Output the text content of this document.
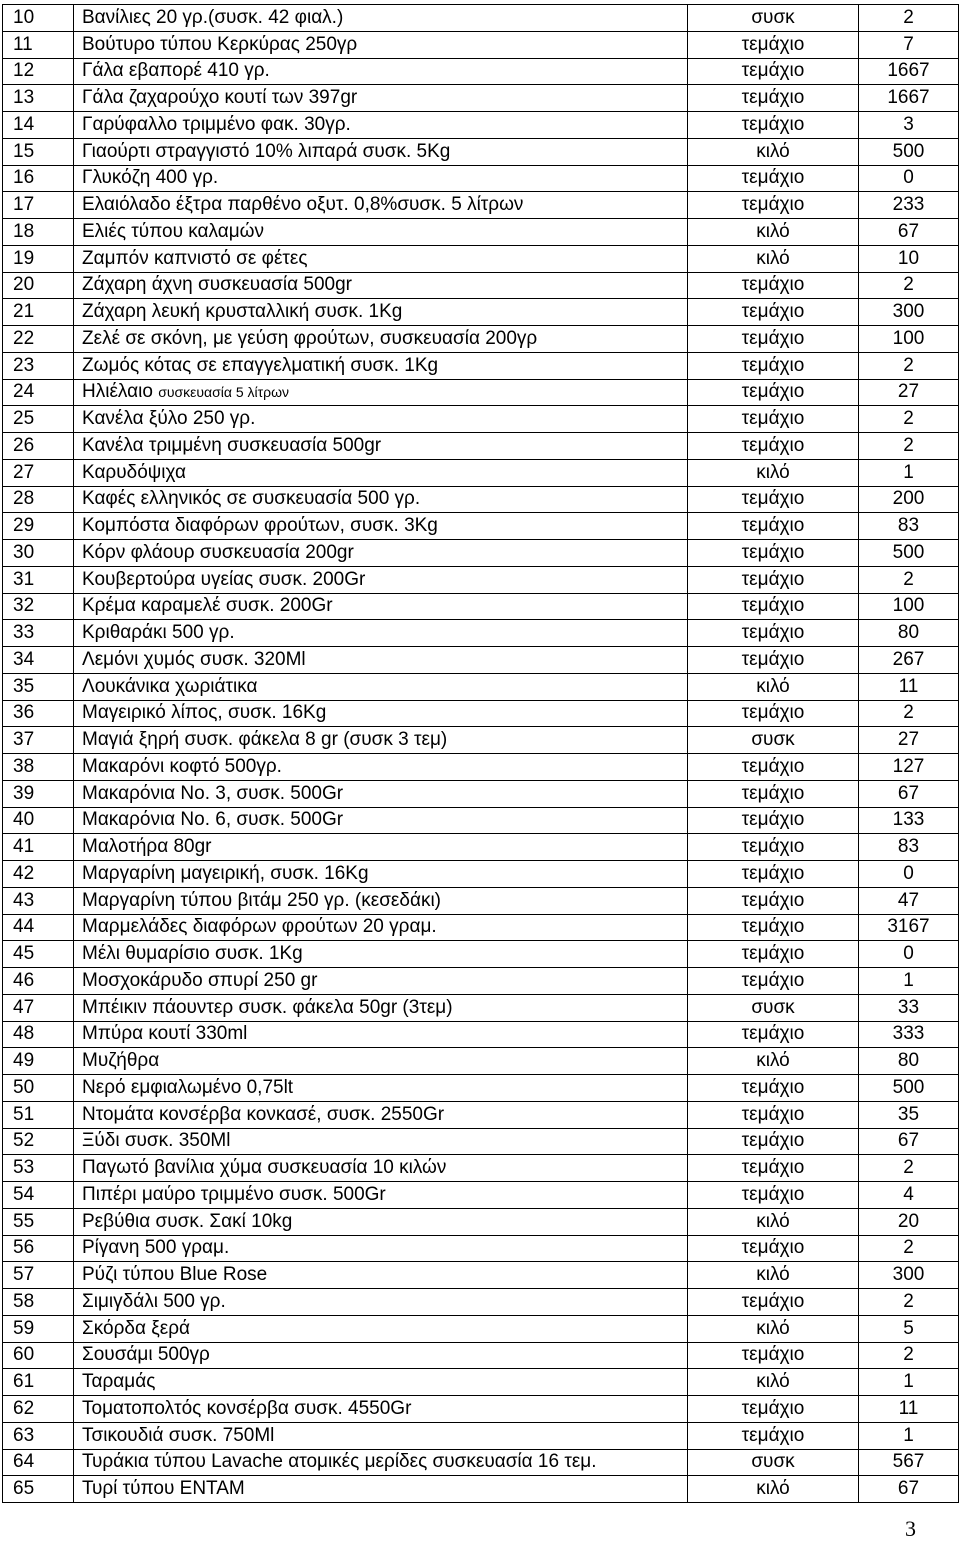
10	Βανίλιες 20 γρ.(συσκ. 42 φιαλ.)	συσκ	2
11	Βούτυρο τύπου Κερκύρας 250γρ	τεμάχιο	7
12	Γάλα εβαπορέ 410 γρ.	τεμάχιο	1667
13	Γάλα ζαχαρούχο κουτί των 397gr	τεμάχιο	1667
14	Γαρύφαλλο τριμμένο φακ. 30γρ.	τεμάχιο	3
15	Γιαούρτι στραγγιστό 10% λιπαρά συσκ. 5Kg	κιλό	500
16	Γλυκόζη 400 γρ.	τεμάχιο	0
17	Ελαιόλαδο έξτρα παρθένο οξυτ. 0,8%συσκ. 5 λίτρων	τεμάχιο	233
18	Ελιές τύπου καλαμών	κιλό	67
19	Ζαμπόν καπνιστό σε φέτες	κιλό	10
20	Ζάχαρη άχνη συσκευασία 500gr	τεμάχιο	2
21	Ζάχαρη λευκή κρυσταλλική συσκ. 1Kg	τεμάχιο	300
22	Ζελέ σε σκόνη, με γεύση φρούτων, συσκευασία 200γρ	τεμάχιο	100
23	Ζωμός κότας σε επαγγελματική συσκ. 1Kg	τεμάχιο	2
24	Ηλιέλαιο συσκευασία 5 λίτρων	τεμάχιο	27
25	Κανέλα ξύλο 250 γρ.	τεμάχιο	2
26	Κανέλα τριμμένη συσκευασία 500gr	τεμάχιο	2
27	Καρυδόψιχα	κιλό	1
28	Καφές ελληνικός σε συσκευασία 500 γρ.	τεμάχιο	200
29	Κομπόστα διαφόρων φρούτων, συσκ. 3Kg	τεμάχιο	83
30	Κόρν φλάουρ συσκευασία 200gr	τεμάχιο	500
31	Κουβερτούρα υγείας συσκ. 200Gr	τεμάχιο	2
32	Κρέμα καραμελέ συσκ. 200Gr	τεμάχιο	100
33	Κριθαράκι 500 γρ.	τεμάχιο	80
34	Λεμόνι χυμός συσκ. 320Ml	τεμάχιο	267
35	Λουκάνικα χωριάτικα	κιλό	11
36	Μαγειρικό λίπος, συσκ. 16Kg	τεμάχιο	2
37	Μαγιά ξηρή συσκ. φάκελα 8 gr (συσκ 3 τεμ)	συσκ	27
38	Μακαρόνι κοφτό 500γρ.	τεμάχιο	127
39	Μακαρόνια Νο. 3, συσκ. 500Gr	τεμάχιο	67
40	Μακαρόνια Νο. 6, συσκ. 500Gr	τεμάχιο	133
41	Μαλοτήρα 80gr	τεμάχιο	83
42	Μαργαρίνη μαγειρική, συσκ. 16Kg	τεμάχιο	0
43	Μαργαρίνη τύπου βιτάμ 250 γρ. (κεσεδάκι)	τεμάχιο	47
44	Μαρμελάδες διαφόρων φρούτων 20 γραμ.	τεμάχιο	3167
45	Μέλι θυμαρίσιο συσκ. 1Kg	τεμάχιο	0
46	Μοσχοκάρυδο σπυρί 250 gr	τεμάχιο	1
47	Μπέικιν πάουντερ συσκ. φάκελα 50gr (3τεμ)	συσκ	33
48	Μπύρα κουτί 330ml	τεμάχιο	333
49	Μυζήθρα	κιλό	80
50	Νερό εμφιαλωμένο 0,75lt	τεμάχιο	500
51	Ντομάτα κονσέρβα κονκασέ, συσκ. 2550Gr	τεμάχιο	35
52	Ξύδι συσκ. 350Ml	τεμάχιο	67
53	Παγωτό βανίλια χύμα συσκευασία 10 κιλών	τεμάχιο	2
54	Πιπέρι μαύρο τριμμένο συσκ. 500Gr	τεμάχιο	4
55	Ρεβύθια συσκ. Σακί 10kg	κιλό	20
56	Ρίγανη 500 γραμ.	τεμάχιο	2
57	Ρύζι τύπου Blue Rose	κιλό	300
58	Σιμιγδάλι 500 γρ.	τεμάχιο	2
59	Σκόρδα ξερά	κιλό	5
60	Σουσάμι 500γρ	τεμάχιο	2
61	Ταραμάς	κιλό	1
62	Τοματοπολτός κονσέρβα συσκ. 4550Gr	τεμάχιο	11
63	Τσικουδιά συσκ. 750Ml	τεμάχιο	1
64	Τυράκια τύπου Lavache ατομικές μερίδες συσκευασία 16 τεμ.	συσκ	567
65	Τυρί τύπου ΕΝΤΑΜ	κιλό	67
3
